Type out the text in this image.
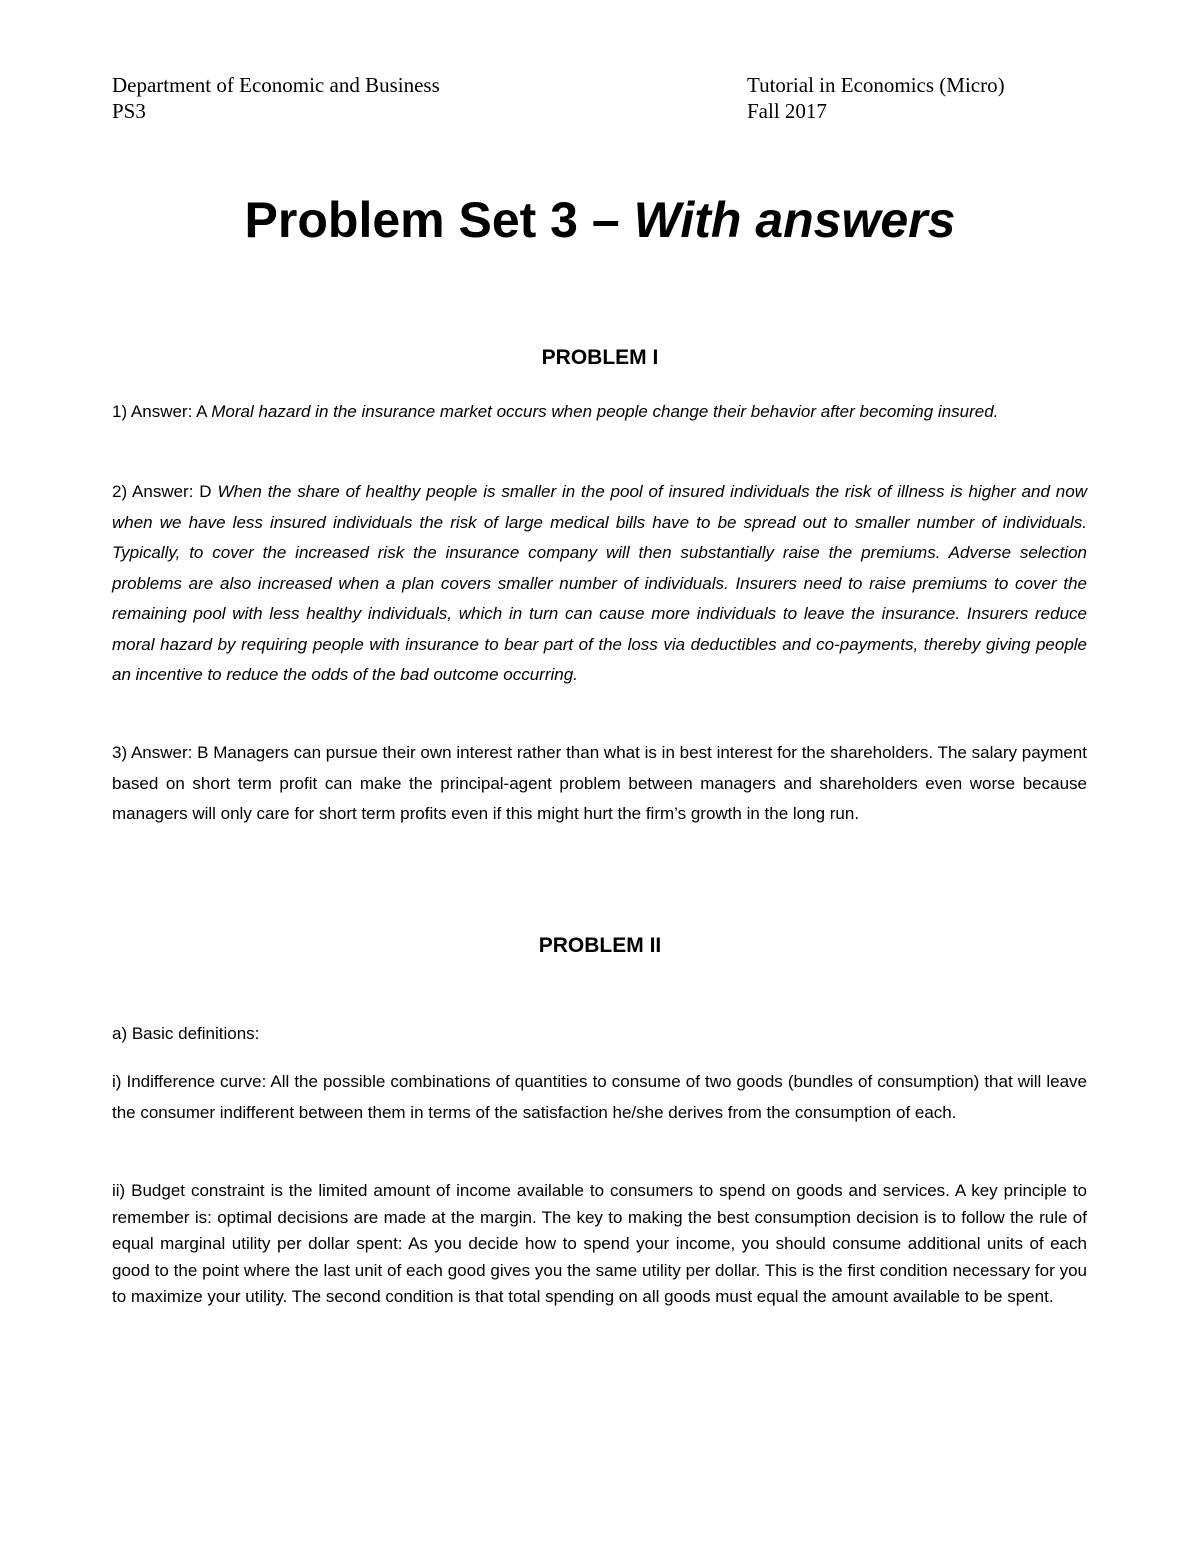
Department of Economic and Business
PS3
Tutorial in Economics (Micro)
Fall 2017
Problem Set 3 – With answers
PROBLEM I
1) Answer: A Moral hazard in the insurance market occurs when people change their behavior after becoming insured.
2) Answer: D When the share of healthy people is smaller in the pool of insured individuals the risk of illness is higher and now when we have less insured individuals the risk of large medical bills have to be spread out to smaller number of individuals. Typically, to cover the increased risk the insurance company will then substantially raise the premiums. Adverse selection problems are also increased when a plan covers smaller number of individuals. Insurers need to raise premiums to cover the remaining pool with less healthy individuals, which in turn can cause more individuals to leave the insurance. Insurers reduce moral hazard by requiring people with insurance to bear part of the loss via deductibles and co-payments, thereby giving people an incentive to reduce the odds of the bad outcome occurring.
3) Answer: B Managers can pursue their own interest rather than what is in best interest for the shareholders. The salary payment based on short term profit can make the principal-agent problem between managers and shareholders even worse because managers will only care for short term profits even if this might hurt the firm’s growth in the long run.
PROBLEM II
a) Basic definitions:
i) Indifference curve: All the possible combinations of quantities to consume of two goods (bundles of consumption) that will leave the consumer indifferent between them in terms of the satisfaction he/she derives from the consumption of each.
ii) Budget constraint is the limited amount of income available to consumers to spend on goods and services. A key principle to remember is: optimal decisions are made at the margin. The key to making the best consumption decision is to follow the rule of equal marginal utility per dollar spent: As you decide how to spend your income, you should consume additional units of each good to the point where the last unit of each good gives you the same utility per dollar. This is the first condition necessary for you to maximize your utility. The second condition is that total spending on all goods must equal the amount available to be spent.
